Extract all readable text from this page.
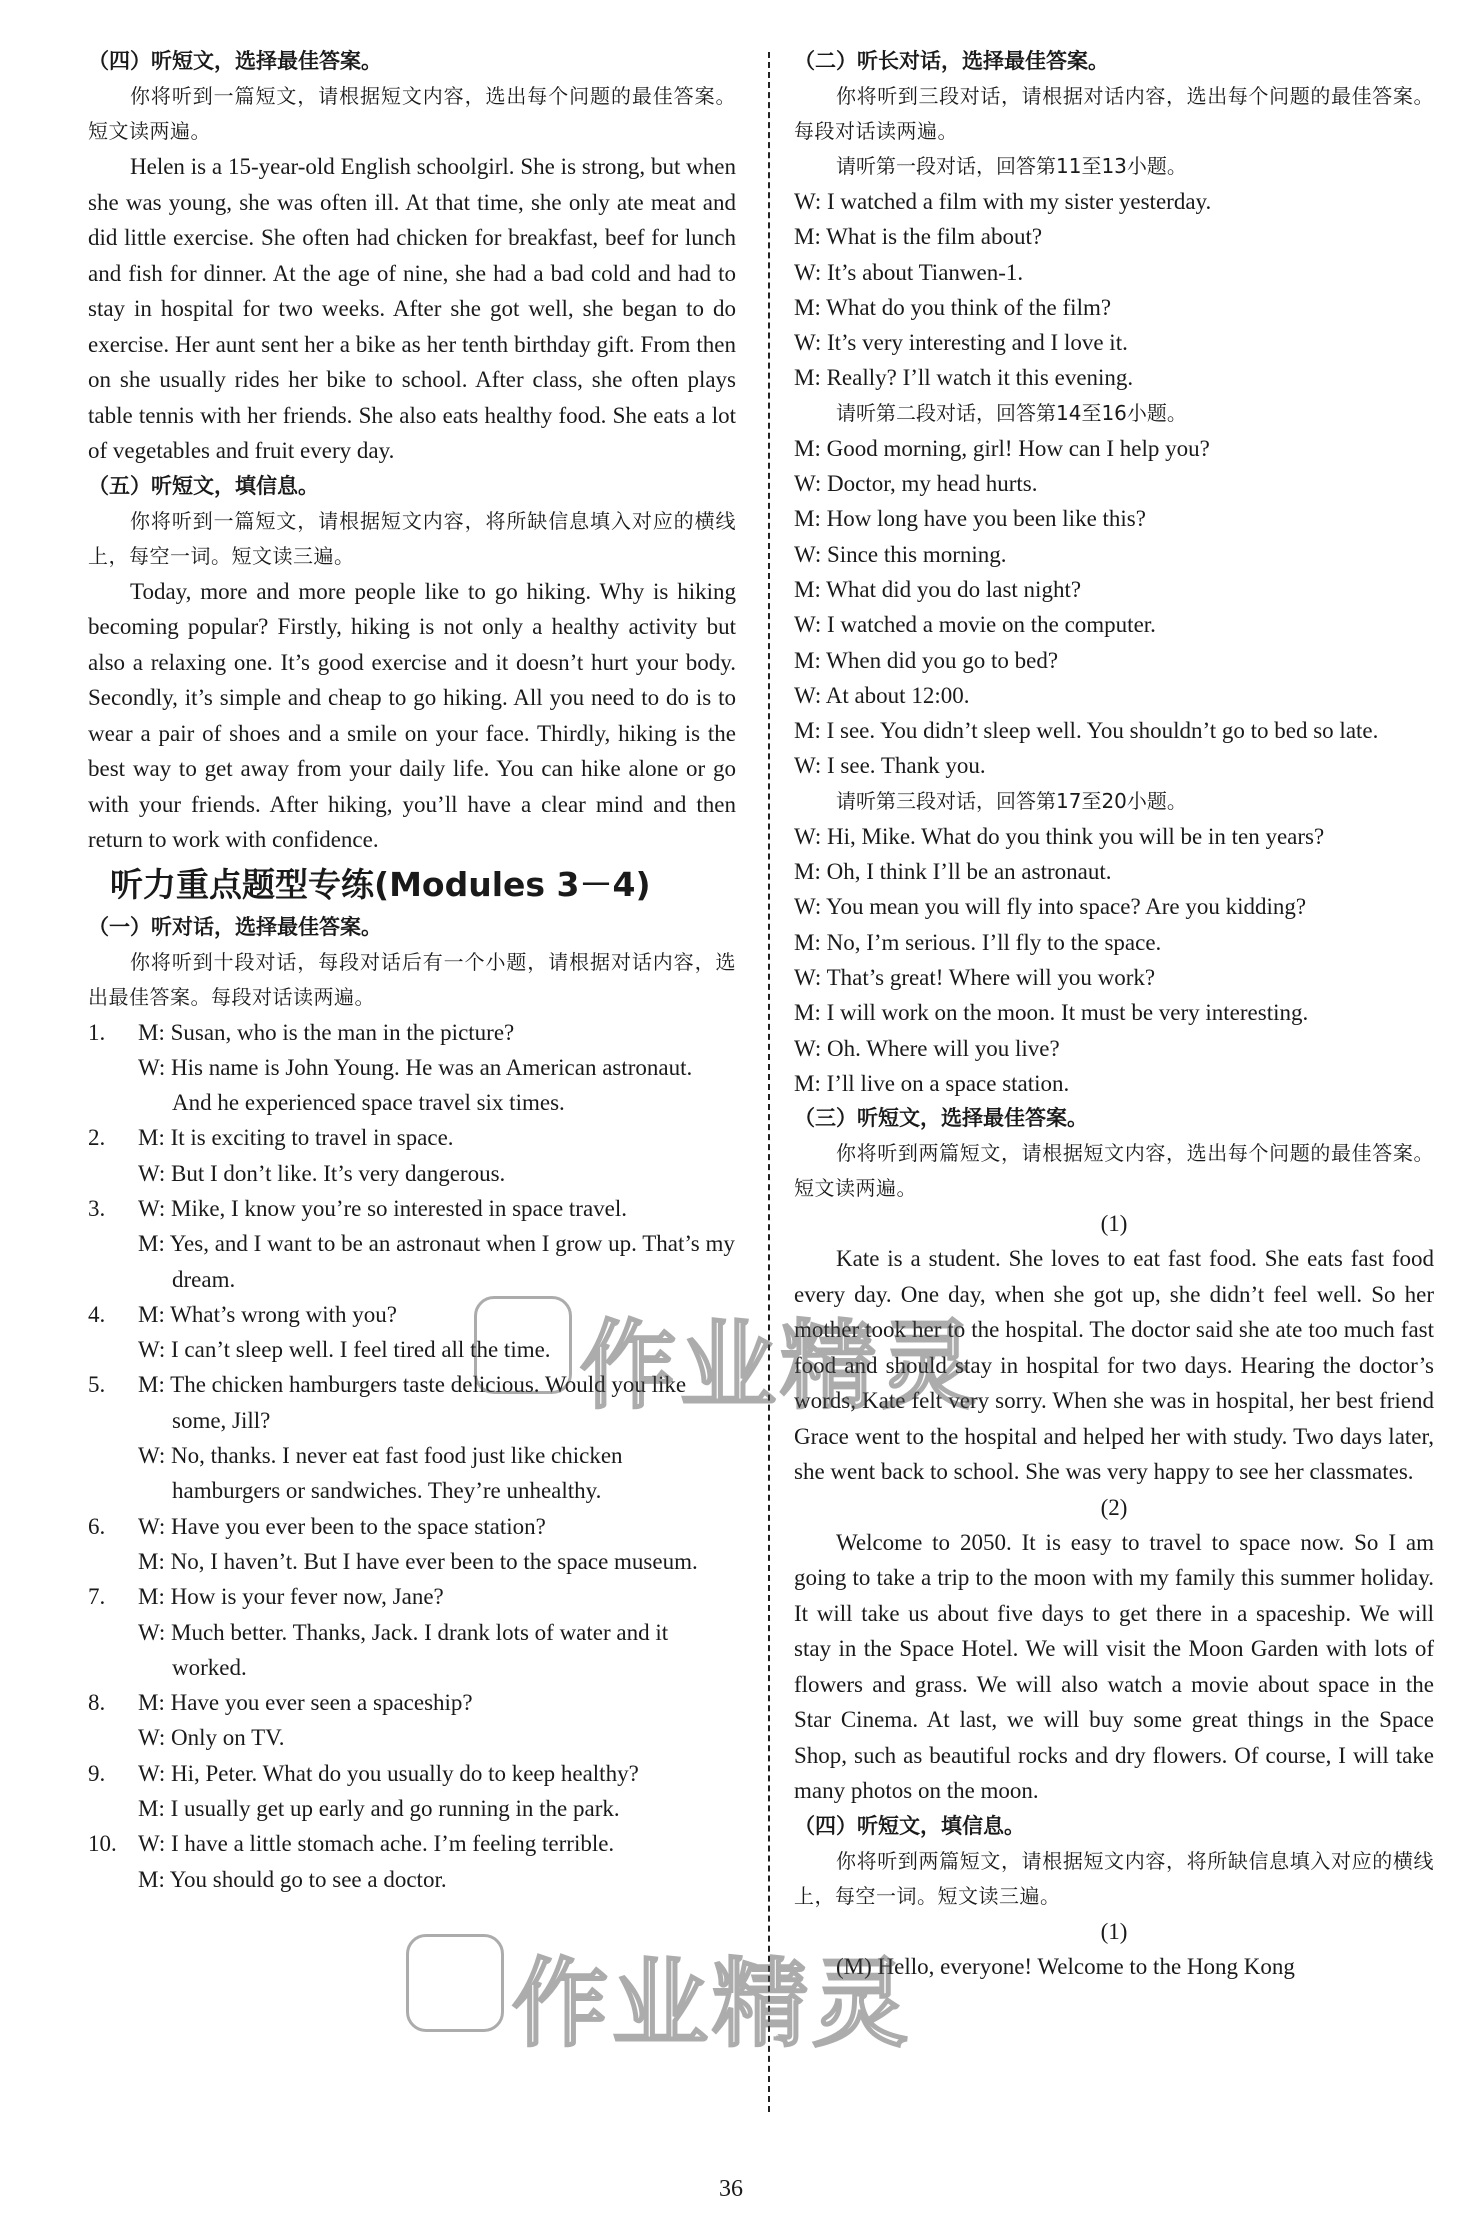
（四）听短文，选择最佳答案。
你将听到一篇短文，请根据短文内容，选出每个问题的最佳答案。短文读两遍。
Helen is a 15-year-old English schoolgirl. She is strong, but when she was young, she was often ill. At that time, she only ate meat and did little exercise. She often had chicken for breakfast, beef for lunch and fish for dinner. At the age of nine, she had a bad cold and had to stay in hospital for two weeks. After she got well, she began to do exercise. Her aunt sent her a bike as her tenth birthday gift. From then on she usually rides her bike to school. After class, she often plays table tennis with her friends. She also eats healthy food. She eats a lot of vegetables and fruit every day.
（五）听短文，填信息。
你将听到一篇短文，请根据短文内容，将所缺信息填入对应的横线上，每空一词。短文读三遍。
Today, more and more people like to go hiking. Why is hiking becoming popular? Firstly, hiking is not only a healthy activity but also a relaxing one. It’s good exercise and it doesn’t hurt your body. Secondly, it’s simple and cheap to go hiking. All you need to do is to wear a pair of shoes and a smile on your face. Thirdly, hiking is the best way to get away from your daily life. You can hike alone or go with your friends. After hiking, you’ll have a clear mind and then return to work with confidence.
听力重点题型专练(Modules 3－4)
（一）听对话，选择最佳答案。
你将听到十段对话，每段对话后有一个小题，请根据对话内容，选出最佳答案。每段对话读两遍。
1. M: Susan, who is the man in the picture?
W: His name is John Young. He was an American astronaut. And he experienced space travel six times.
2. M: It is exciting to travel in space.
W: But I don’t like. It’s very dangerous.
3. W: Mike, I know you’re so interested in space travel.
M: Yes, and I want to be an astronaut when I grow up. That’s my dream.
4. M: What’s wrong with you?
W: I can’t sleep well. I feel tired all the time.
5. M: The chicken hamburgers taste delicious. Would you like some, Jill?
W: No, thanks. I never eat fast food just like chicken hamburgers or sandwiches. They’re unhealthy.
6. W: Have you ever been to the space station?
M: No, I haven’t. But I have ever been to the space museum.
7. M: How is your fever now, Jane?
W: Much better. Thanks, Jack. I drank lots of water and it worked.
8. M: Have you ever seen a spaceship?
W: Only on TV.
9. W: Hi, Peter. What do you usually do to keep healthy?
M: I usually get up early and go running in the park.
10. W: I have a little stomach ache. I’m feeling terrible.
M: You should go to see a doctor.
（二）听长对话，选择最佳答案。
你将听到三段对话，请根据对话内容，选出每个问题的最佳答案。每段对话读两遍。
请听第一段对话，回答第11至13小题。
W: I watched a film with my sister yesterday.
M: What is the film about?
W: It’s about Tianwen-1.
M: What do you think of the film?
W: It’s very interesting and I love it.
M: Really? I’ll watch it this evening.
请听第二段对话，回答第14至16小题。
M: Good morning, girl! How can I help you?
W: Doctor, my head hurts.
M: How long have you been like this?
W: Since this morning.
M: What did you do last night?
W: I watched a movie on the computer.
M: When did you go to bed?
W: At about 12:00.
M: I see. You didn’t sleep well. You shouldn’t go to bed so late.
W: I see. Thank you.
请听第三段对话，回答第17至20小题。
W: Hi, Mike. What do you think you will be in ten years?
M: Oh, I think I’ll be an astronaut.
W: You mean you will fly into space? Are you kidding?
M: No, I’m serious. I’ll fly to the space.
W: That’s great! Where will you work?
M: I will work on the moon. It must be very interesting.
W: Oh. Where will you live?
M: I’ll live on a space station.
（三）听短文，选择最佳答案。
你将听到两篇短文，请根据短文内容，选出每个问题的最佳答案。短文读两遍。
(1)
Kate is a student. She loves to eat fast food. She eats fast food every day. One day, when she got up, she didn’t feel well. So her mother took her to the hospital. The doctor said she ate too much fast food and should stay in hospital for two days. Hearing the doctor’s words, Kate felt very sorry. When she was in hospital, her best friend Grace went to the hospital and helped her with study. Two days later, she went back to school. She was very happy to see her classmates.
(2)
Welcome to 2050. It is easy to travel to space now. So I am going to take a trip to the moon with my family this summer holiday. It will take us about five days to get there in a spaceship. We will stay in the Space Hotel. We will visit the Moon Garden with lots of flowers and grass. We will also watch a movie about space in the Star Cinema. At last, we will buy some great things in the Space Shop, such as beautiful rocks and dry flowers. Of course, I will take many photos on the moon.
（四）听短文，填信息。
你将听到两篇短文，请根据短文内容，将所缺信息填入对应的横线上，每空一词。短文读三遍。
(1)
(M) Hello, everyone! Welcome to the Hong Kong
36
作业精灵
作业精灵
